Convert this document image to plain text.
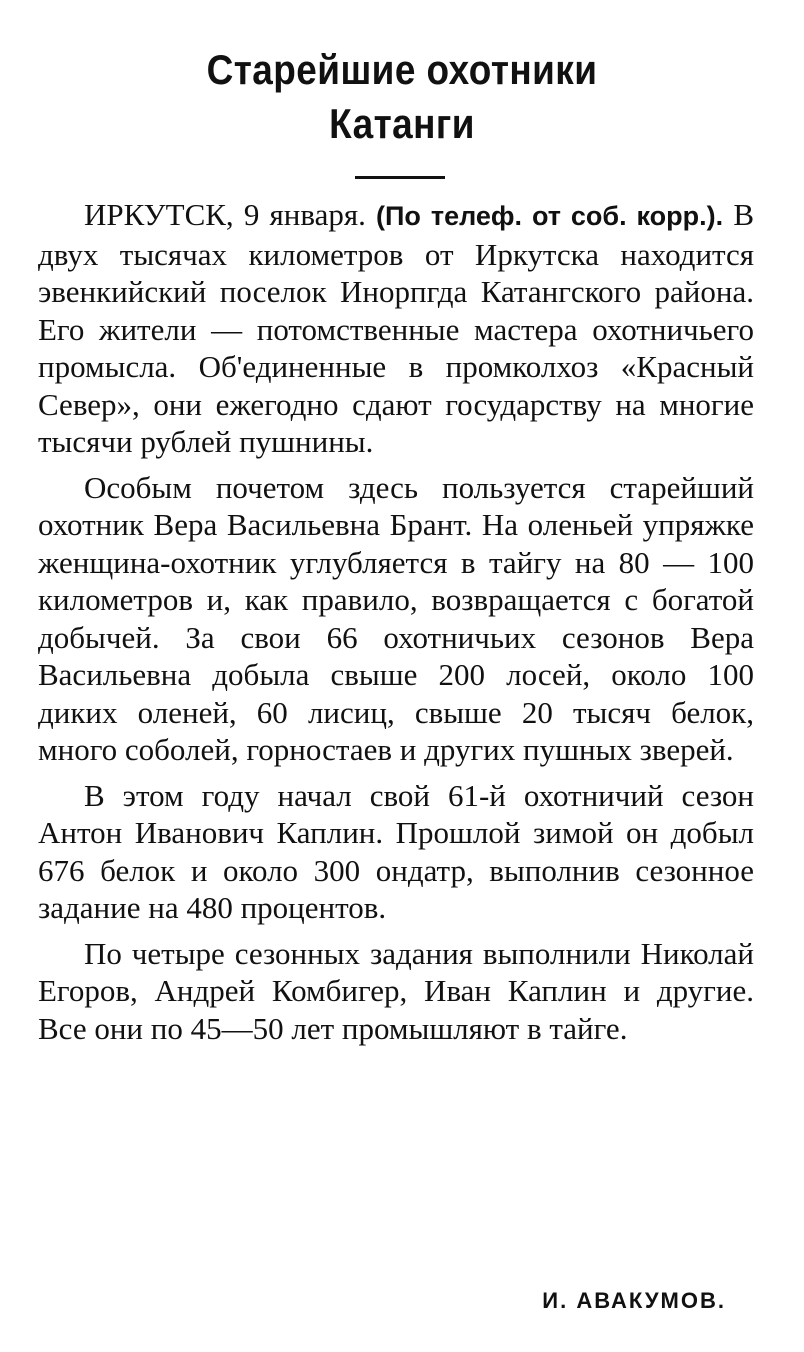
Старейшие охотники
Катанги

ИРКУТСК, 9 января. (По телеф. от соб. корр.). В двух тысячах километров от Иркутска находится эвенкийский поселок Инорпгда Катангского района. Его жители — потомственные мастера охотничьего промысла. Об'единенные в промколхоз «Красный Север», они ежегодно сдают государству на многие тысячи рублей пушнины.

Особым почетом здесь пользуется старейший охотник Вера Васильевна Брант. На оленьей упряжке женщина-охотник углубляется в тайгу на 80 — 100 километров и, как правило, возвращается с богатой добычей. За свои 66 охотничьих сезонов Вера Васильевна добыла свыше 200 лосей, около 100 диких оленей, 60 лисиц, свыше 20 тысяч белок, много соболей, горностаев и других пушных зверей.

В этом году начал свой 61-й охотничий сезон Антон Иванович Каплин. Прошлой зимой он добыл 676 белок и около 300 ондатр, выполнив сезонное задание на 480 процентов.

По четыре сезонных задания выполнили Николай Егоров, Андрей Комбигер, Иван Каплин и другие. Все они по 45—50 лет промышляют в тайге.

И. АВАКУМОВ.
